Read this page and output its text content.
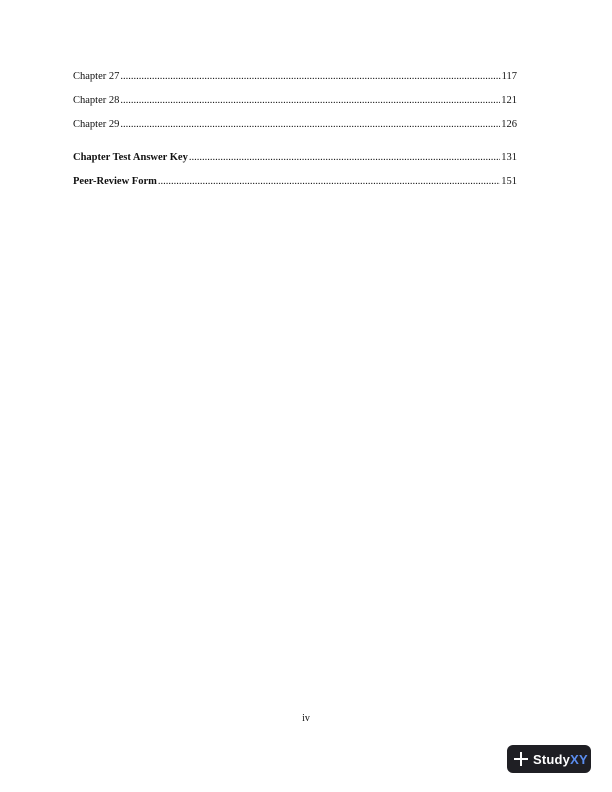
Chapter 27 .....	117
Chapter 28 .....	121
Chapter 29 .....	126
Chapter Test Answer Key .....	131
Peer-Review Form .....	151
iv
StudyXY
